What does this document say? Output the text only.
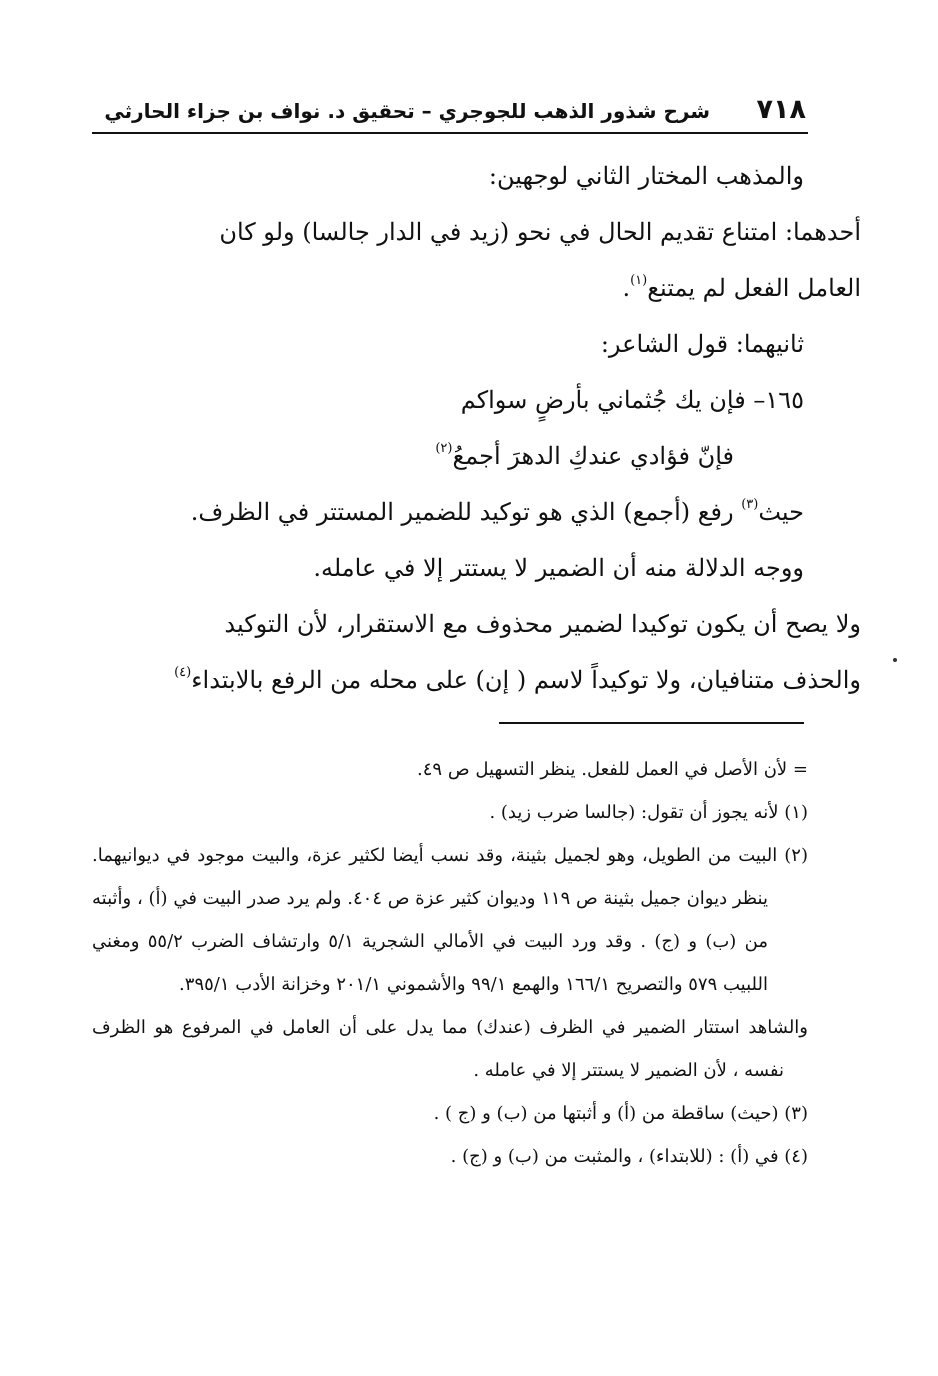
٧١٨
شرح شذور الذهب للجوجري – تحقيق د. نواف بن جزاء الحارثي

والمذهب المختار الثاني لوجهين:

أحدهما: امتناع تقديم الحال في نحو (زيد في الدار جالسا) ولو كان

العامل الفعل لم يمتنع$^{(١)}$.

ثانيهما: قول الشاعر:

١٦٥– فإن يك جُثماني بأرضٍ سواكم

فإنّ فؤادي عندكِ الدهرَ أجمعُ$^{(٢)}$

حيث$^{(٣)}$ رفع (أجمع) الذي هو توكيد للضمير المستتر في الظرف.

ووجه الدلالة منه أن الضمير لا يستتر إلا في عامله.

ولا يصح أن يكون توكيدا لضمير محذوف مع الاستقرار، لأن التوكيد

والحذف متنافيان، ولا توكيداً لاسم ( إن) على محله من الرفع بالابتداء$^{(٤)}$

= لأن الأصل في العمل للفعل. ينظر التسهيل ص ٤٩.

(١) لأنه يجوز أن تقول: (جالسا ضرب زيد) .

(٢) البيت من الطويل، وهو لجميل بثينة، وقد نسب أيضا لكثير عزة، والبيت موجود في ديوانيهما. ينظر ديوان جميل بثينة ص ١١٩ وديوان كثير عزة ص ٤٠٤. ولم يرد صدر البيت في (أ) ، وأثبته من (ب) و (ج) . وقد ورد البيت في الأمالي الشجرية ٥/١ وارتشاف الضرب ٥٥/٢ ومغني اللبيب ٥٧٩ والتصريح ١٦٦/١ والهمع ٩٩/١ والأشموني ٢٠١/١ وخزانة الأدب ٣٩٥/١.

والشاهد استتار الضمير في الظرف (عندك) مما يدل على أن العامل في المرفوع هو الظرف نفسه ، لأن الضمير لا يستتر إلا في عامله .

(٣) (حيث) ساقطة من (أ) و أثبتها من (ب) و (ج ) .

(٤) في (أ) : (للابتداء) ، والمثبت من (ب) و (ج) .
